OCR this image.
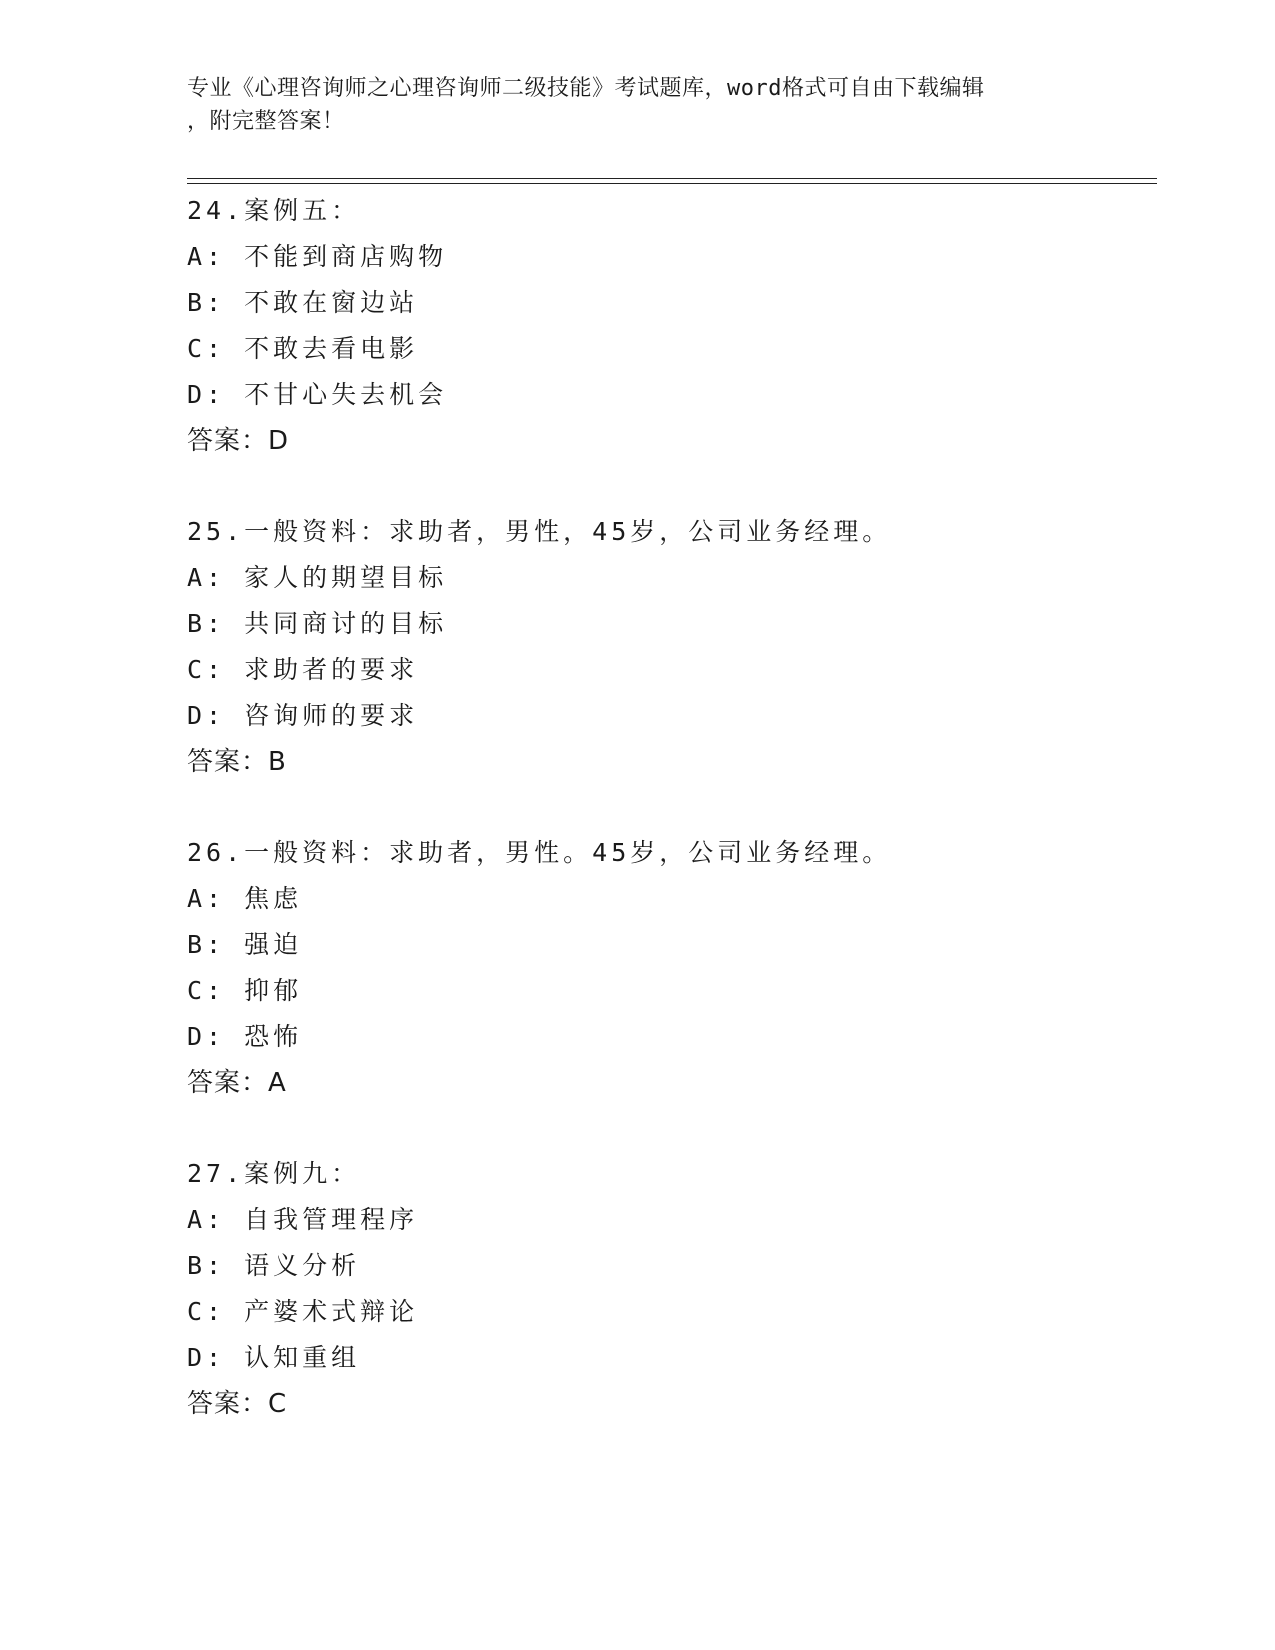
专业《心理咨询师之心理咨询师二级技能》考试题库，word格式可自由下载编辑

，附完整答案！
24.案例五：
A: 不能到商店购物
B: 不敢在窗边站
C: 不敢去看电影
D: 不甘心失去机会
答案：D
25.一般资料：求助者，男性，45岁，公司业务经理。
A: 家人的期望目标
B: 共同商讨的目标
C: 求助者的要求
D: 咨询师的要求
答案：B
26.一般资料：求助者，男性。45岁，公司业务经理。
A: 焦虑
B: 强迫
C: 抑郁
D: 恐怖
答案：A
27.案例九：
A: 自我管理程序
B: 语义分析
C: 产婆术式辩论
D: 认知重组
答案：C
